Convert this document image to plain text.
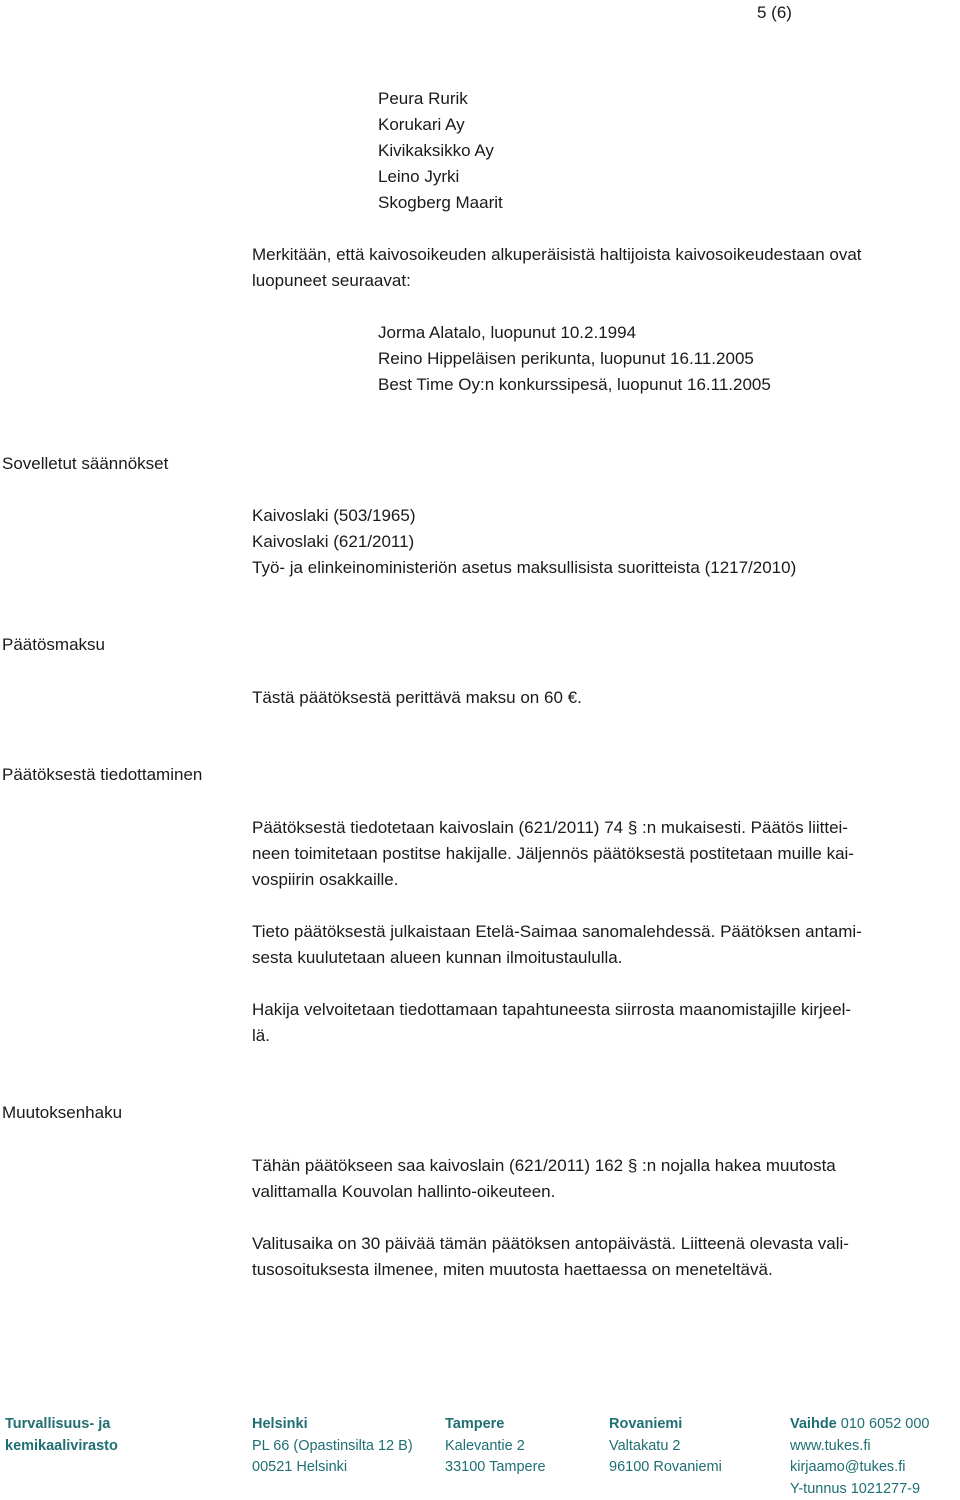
5 (6)
Peura Rurik
Korukari Ay
Kivikaksikko Ay
Leino Jyrki
Skogberg Maarit
Merkitään, että kaivosoikeuden alkuperäisistä haltijoista kaivosoikeudestaan ovat
luopuneet seuraavat:
Jorma Alatalo, luopunut 10.2.1994
Reino Hippeläisen perikunta, luopunut 16.11.2005
Best Time Oy:n konkurssipesä, luopunut 16.11.2005
Sovelletut säännökset
Kaivoslaki (503/1965)
Kaivoslaki (621/2011)
Työ- ja elinkeinoministeriön asetus maksullisista suoritteista (1217/2010)
Päätösmaksu
Tästä päätöksestä perittävä maksu on 60 €.
Päätöksestä tiedottaminen
Päätöksestä tiedotetaan kaivoslain (621/2011) 74 § :n mukaisesti. Päätös liittei-
neen toimitetaan postitse hakijalle. Jäljennös päätöksestä postitetaan muille kai-
vospiirin osakkaille.
Tieto päätöksestä julkaistaan Etelä-Saimaa sanomalehdessä. Päätöksen antami-
sesta kuulutetaan alueen kunnan ilmoitustaululla.
Hakija velvoitetaan tiedottamaan tapahtuneesta siirrosta maanomistajille kirjeel-
lä.
Muutoksenhaku
Tähän päätökseen saa kaivoslain (621/2011) 162 § :n nojalla hakea muutosta
valittamalla Kouvolan hallinto-oikeuteen.
Valitusaika on 30 päivää tämän päätöksen antopäivästä. Liitteenä olevasta vali-
tusosoituksesta ilmenee, miten muutosta haettaessa on meneteltävä.
Turvallisuus- ja
kemikaalivirasto
Helsinki
PL 66 (Opastinsilta 12 B)
00521 Helsinki
Tampere
Kalevantie 2
33100 Tampere
Rovaniemi
Valtakatu 2
96100 Rovaniemi
Vaihde 010 6052 000
www.tukes.fi
kirjaamo@tukes.fi
Y-tunnus 1021277-9
